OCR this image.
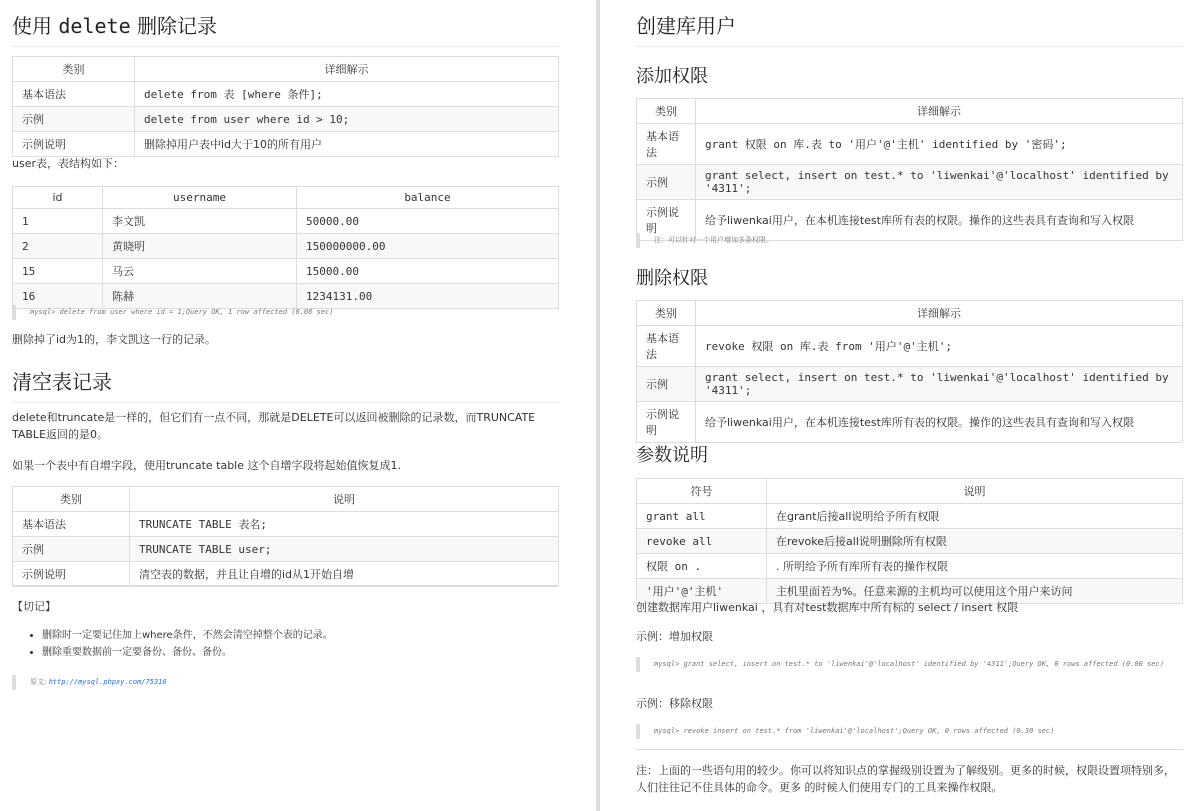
使用 delete 删除记录
类别	详细解示
基本语法	delete from 表 [where 条件];
示例	delete from user where id > 10;
示例说明	删除掉用户表中id大于10的所有用户

user表，表结构如下：

id	username	balance
1	李文凯	50000.00
2	黄晓明	150000000.00
15	马云	15000.00
16	陈赫	1234131.00
mysql> delete from user where id = 1;Query OK, 1 row affected (0.08 sec)

删除掉了id为1的，李文凯这一行的记录。

清空表记录

delete和truncate是一样的，但它们有一点不同，那就是DELETE可以返回被删除的记录数，而TRUNCATE TABLE返回的是0。

如果一个表中有自增字段，使用truncate table 这个自增字段将起始值恢复成1.

类别	说明
基本语法	TRUNCATE TABLE 表名;
示例	TRUNCATE TABLE user;
示例说明	清空表的数据，并且让自增的id从1开始自增

【切记】

• 删除时一定要记住加上where条件，不然会清空掉整个表的记录。
• 删除重要数据前一定要备份、备份、备份。
原文: http://mysql.phpxy.com/75316
创建库用户
添加权限
类别	详细解示
基本语法	grant 权限 on 库.表 to '用户'@'主机' identified by '密码';
示例	grant select, insert on test.* to 'liwenkai'@'localhost' identified by '4311';
示例说明	给予liwenkai用户，在本机连接test库所有表的权限。操作的这些表具有查询和写入权限
注：可以针对一个用户增加多条权限。
删除权限
类别	详细解示
基本语法	revoke 权限 on 库.表 from '用户'@'主机';
示例	grant select, insert on test.* to 'liwenkai'@'localhost' identified by '4311';
示例说明	给予liwenkai用户，在本机连接test库所有表的权限。操作的这些表具有查询和写入权限
参数说明
符号	说明
grant all	在grant后接all说明给予所有权限
revoke all	在revoke后接all说明删除所有权限
权限 on .	. 所明给予所有库所有表的操作权限
'用户'@'主机'	主机里面若为%。任意来源的主机均可以使用这个用户来访问

创建数据库用户liwenkai ，具有对test数据库中所有标的 select / insert 权限

示例：增加权限

mysql> grant select, insert on test.* to 'liwenkai'@'localhost' identified by '4311';Query OK, 0 rows affected (0.00 sec)

示例：移除权限

mysql> revoke insert on test.* from 'liwenkai'@'localhost';Query OK, 0 rows affected (0.30 sec)

注：上面的一些语句用的较少。你可以将知识点的掌握级别设置为了解级别。更多的时候，权限设置项特别多，人们往往记不住具体的命令。更多 的时候人们使用专门的工具来操作权限。
